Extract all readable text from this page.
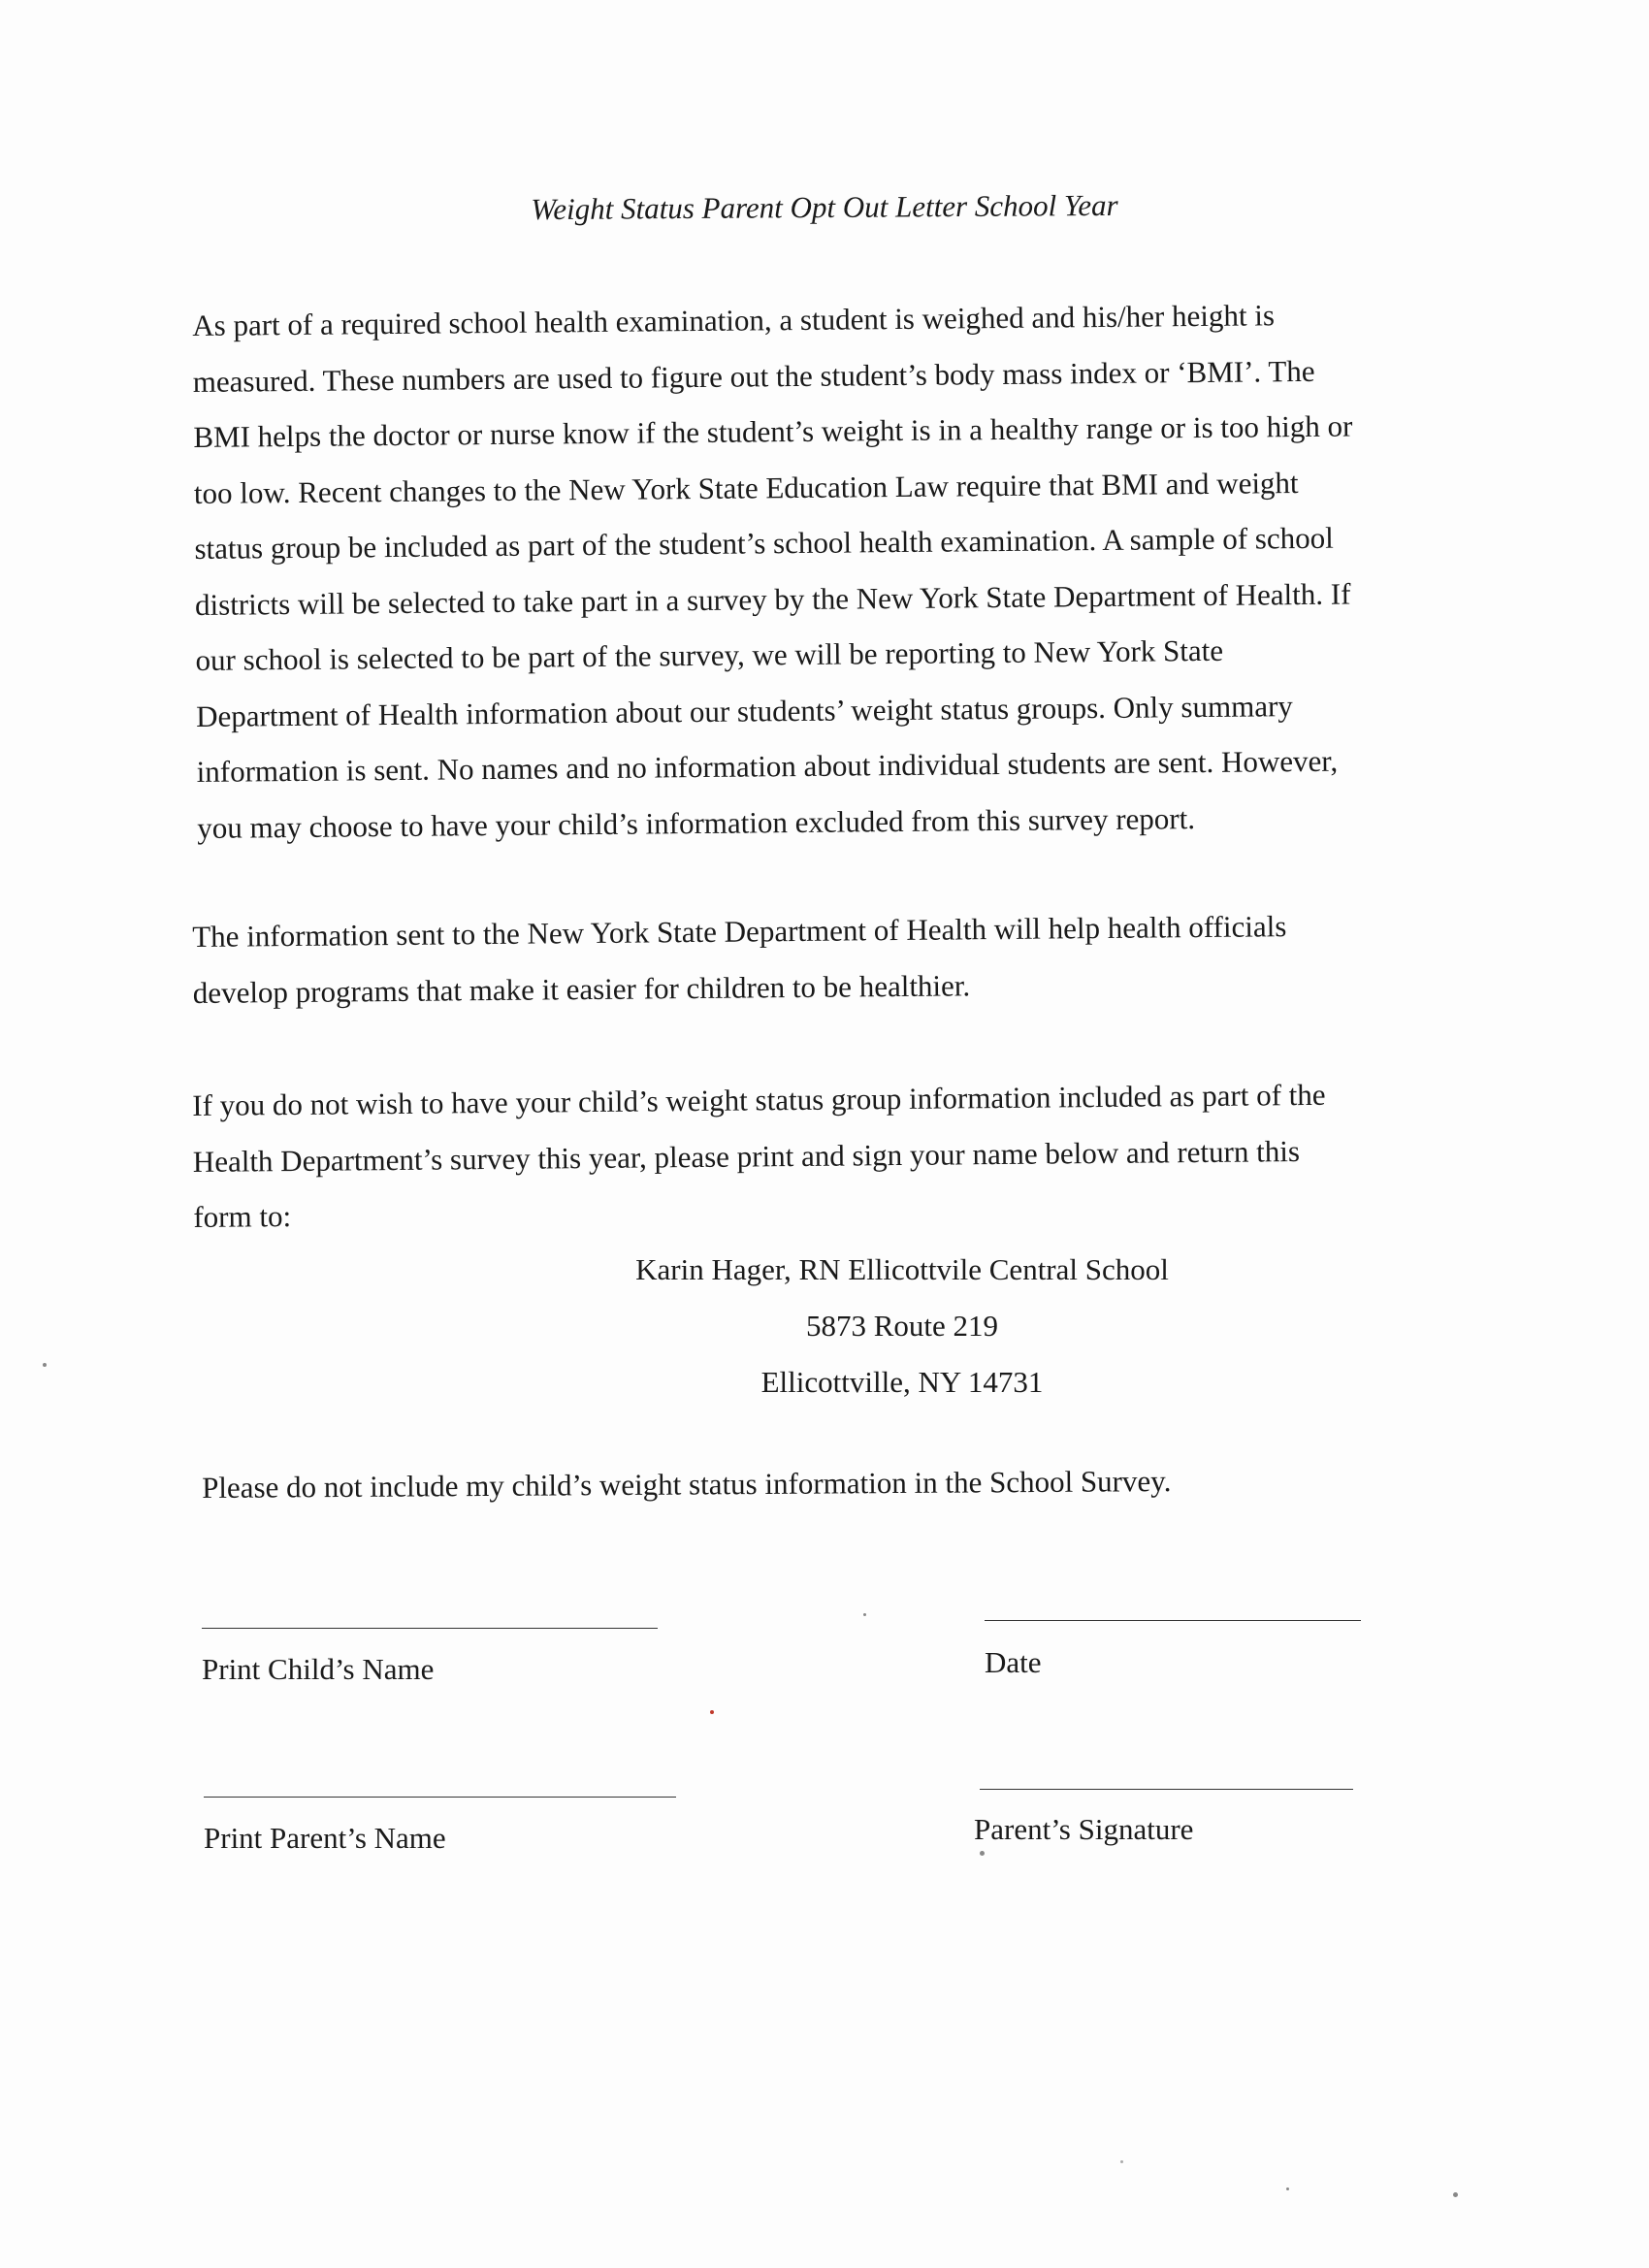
Weight Status Parent Opt Out Letter School Year
As part of a required school health examination, a student is weighed and his/her height is
measured. These numbers are used to figure out the student’s body mass index or ‘BMI’. The
BMI helps the doctor or nurse know if the student’s weight is in a healthy range or is too high or
too low. Recent changes to the New York State Education Law require that BMI and weight
status group be included as part of the student’s school health examination. A sample of school
districts will be selected to take part in a survey by the New York State Department of Health. If
our school is selected to be part of the survey, we will be reporting to New York State
Department of Health information about our students’ weight status groups. Only summary
information is sent. No names and no information about individual students are sent. However,
you may choose to have your child’s information excluded from this survey report.
The information sent to the New York State Department of Health will help health officials
develop programs that make it easier for children to be healthier.
If you do not wish to have your child’s weight status group information included as part of the
Health Department’s survey this year, please print and sign your name below and return this
form to:
Karin Hager, RN Ellicottvile Central School
5873 Route 219
Ellicottville, NY 14731
Please do not include my child’s weight status information in the School Survey.
Print Child’s Name	Date
Print Parent’s Name	Parent’s Signature
